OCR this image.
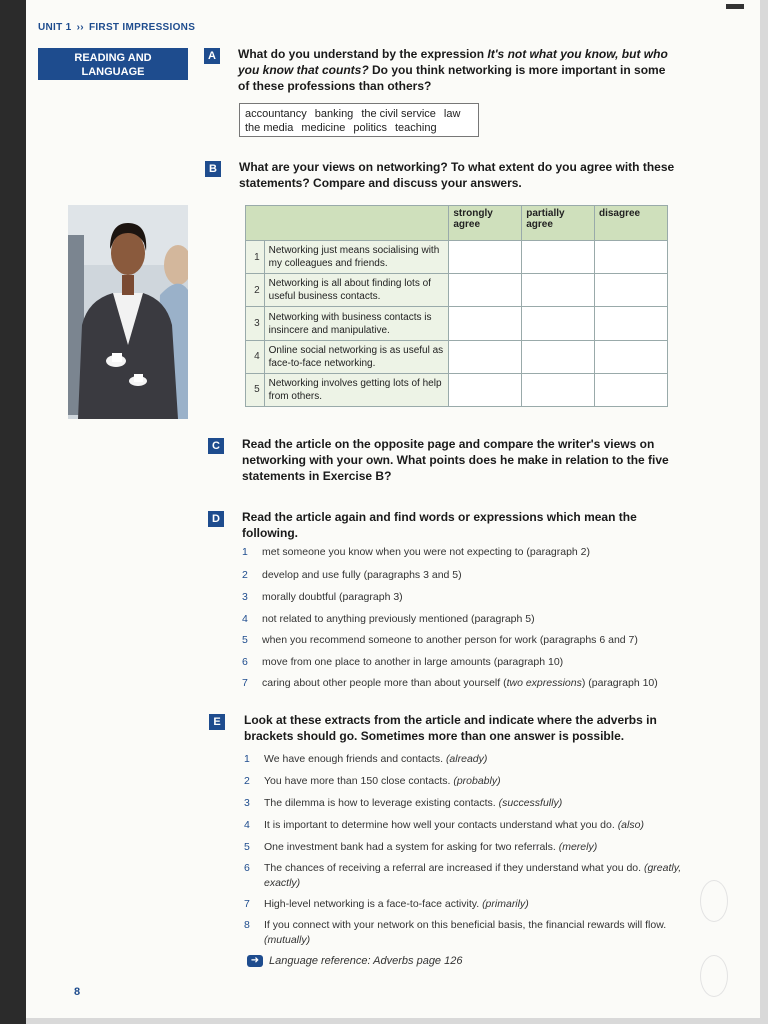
UNIT 1 ›› FIRST IMPRESSIONS
READING AND
LANGUAGE
A	What do you understand by the expression It's not what you know, but who you know that counts? Do you think networking is more important in some of these professions than others?
accountancy banking the civil service law
the media medicine politics teaching
B	What are your views on networking? To what extent do you agree with these statements? Compare and discuss your answers.
		strongly agree	partially agree	disagree
1	Networking just means socialising with my colleagues and friends.			
2	Networking is all about finding lots of useful business contacts.			
3	Networking with business contacts is insincere and manipulative.			
4	Online social networking is as useful as face-to-face networking.			
5	Networking involves getting lots of help from others.			
C	Read the article on the opposite page and compare the writer's views on networking with your own. What points does he make in relation to the five statements in Exercise B?
D	Read the article again and find words or expressions which mean the following.
1	met someone you know when you were not expecting to (paragraph 2)
2	develop and use fully (paragraphs 3 and 5)
3	morally doubtful (paragraph 3)
4	not related to anything previously mentioned (paragraph 5)
5	when you recommend someone to another person for work (paragraphs 6 and 7)
6	move from one place to another in large amounts (paragraph 10)
7	caring about other people more than about yourself (two expressions) (paragraph 10)
E	Look at these extracts from the article and indicate where the adverbs in brackets should go. Sometimes more than one answer is possible.
1	We have enough friends and contacts. (already)
2	You have more than 150 close contacts. (probably)
3	The dilemma is how to leverage existing contacts. (successfully)
4	It is important to determine how well your contacts understand what you do. (also)
5	One investment bank had a system for asking for two referrals. (merely)
6	The chances of receiving a referral are increased if they understand what you do. (greatly, exactly)
7	High-level networking is a face-to-face activity. (primarily)
8	If you connect with your network on this beneficial basis, the financial rewards will flow. (mutually)
➜ Language reference: Adverbs page 126
8
